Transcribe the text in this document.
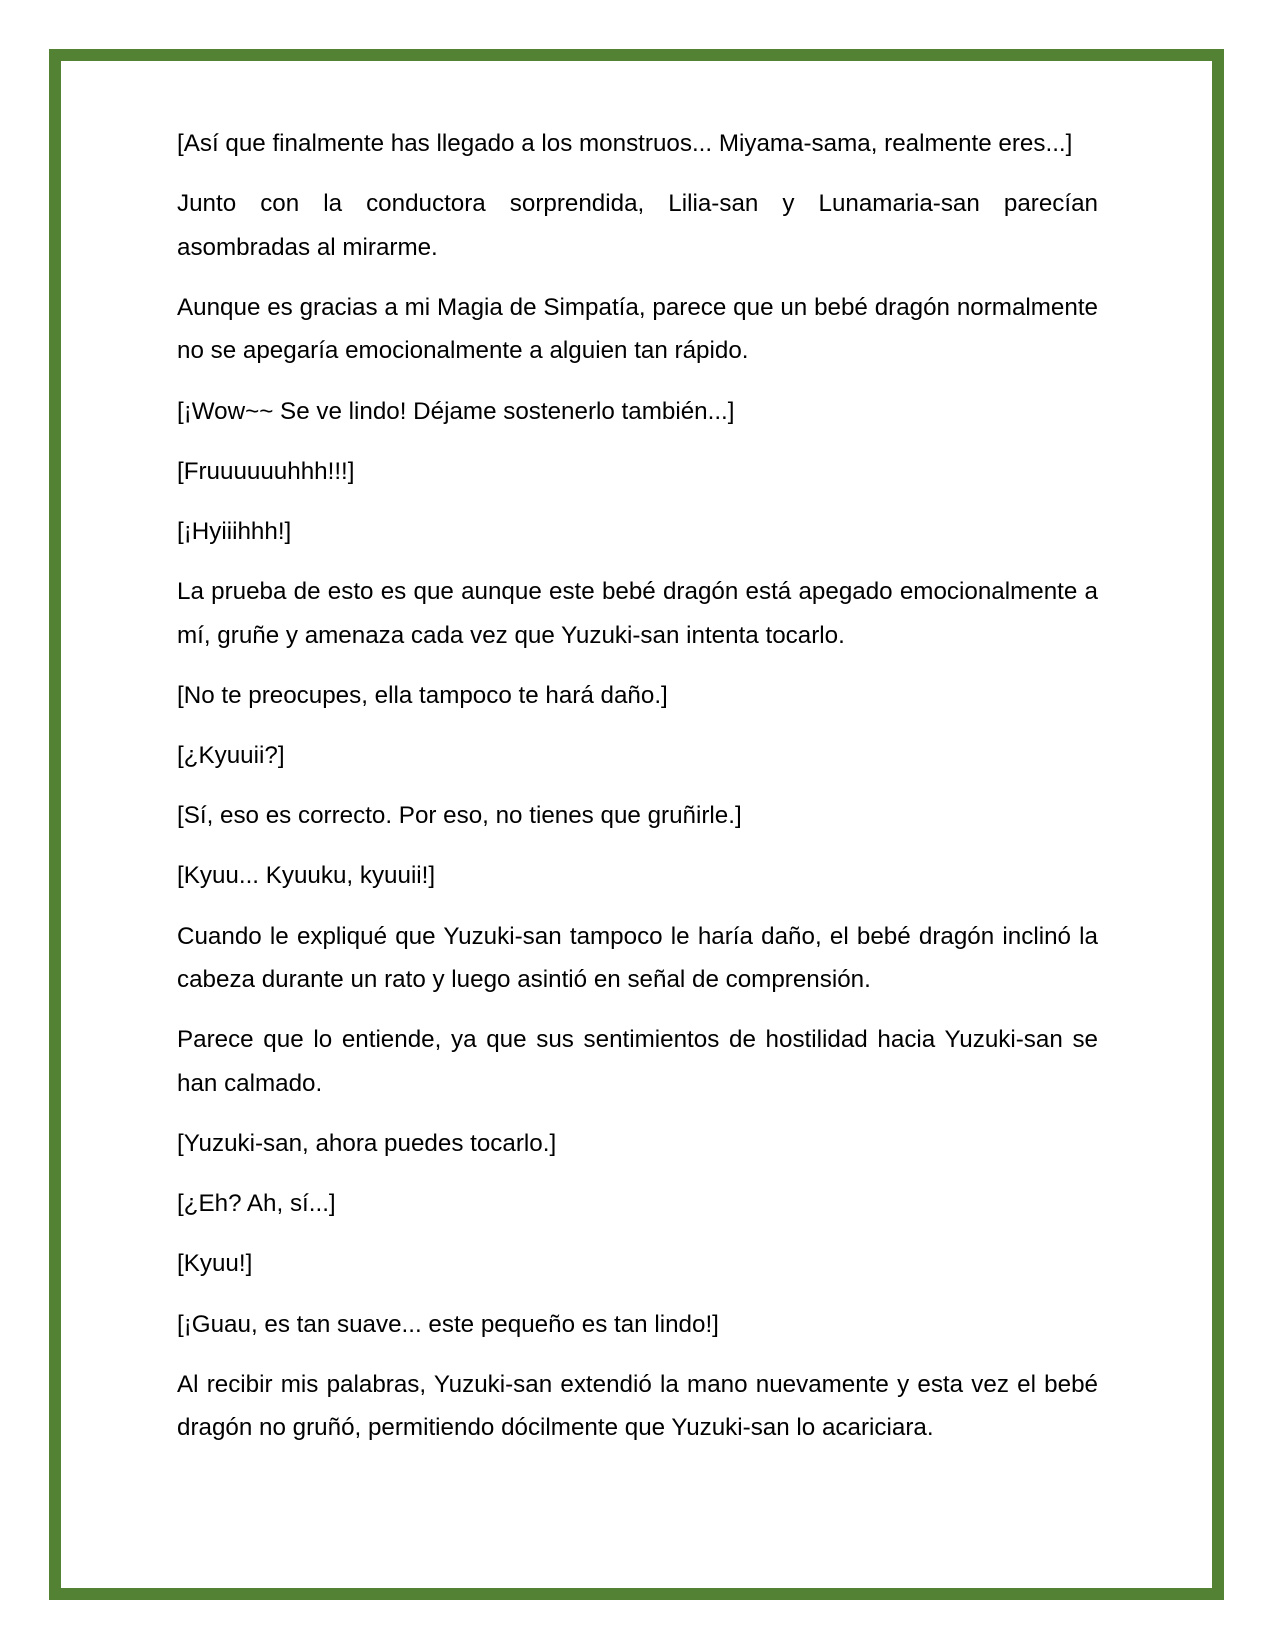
[Así que finalmente has llegado a los monstruos... Miyama-sama, realmente eres...]

Junto con la conductora sorprendida, Lilia-san y Lunamaria-san parecían asombradas al mirarme.

Aunque es gracias a mi Magia de Simpatía, parece que un bebé dragón normalmente no se apegaría emocionalmente a alguien tan rápido.

[¡Wow~~ Se ve lindo! Déjame sostenerlo también...]

[Fruuuuuuhhh!!!]

[¡Hyiiihhh!]

La prueba de esto es que aunque este bebé dragón está apegado emocionalmente a mí, gruñe y amenaza cada vez que Yuzuki-san intenta tocarlo.

[No te preocupes, ella tampoco te hará daño.]

[¿Kyuuii?]

[Sí, eso es correcto. Por eso, no tienes que gruñirle.]

[Kyuu... Kyuuku, kyuuii!]

Cuando le expliqué que Yuzuki-san tampoco le haría daño, el bebé dragón inclinó la cabeza durante un rato y luego asintió en señal de comprensión.

Parece que lo entiende, ya que sus sentimientos de hostilidad hacia Yuzuki-san se han calmado.

[Yuzuki-san, ahora puedes tocarlo.]

[¿Eh? Ah, sí...]

[Kyuu!]

[¡Guau, es tan suave... este pequeño es tan lindo!]

Al recibir mis palabras, Yuzuki-san extendió la mano nuevamente y esta vez el bebé dragón no gruñó, permitiendo dócilmente que Yuzuki-san lo acariciara.
